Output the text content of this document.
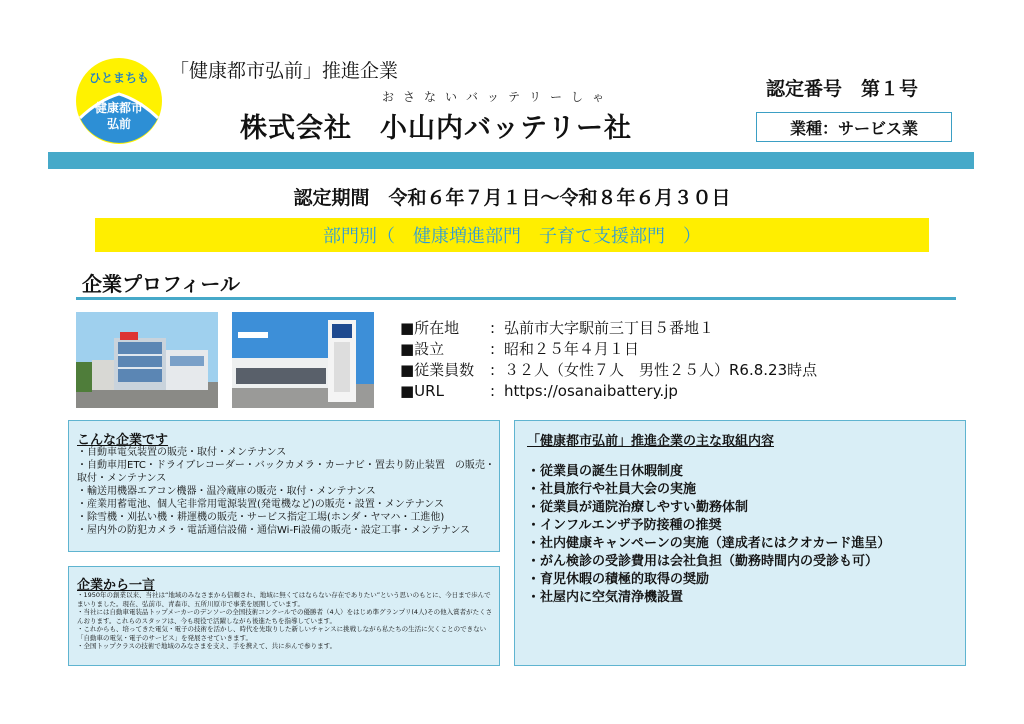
ひとまちも
健康都市
弘前
「健康都市弘前」推進企業
おさないバッテリーしゃ
株式会社　小山内バッテリー社
認定番号　第１号
業種：サービス業
認定期間　令和６年７月１日～令和８年６月３０日
部門別（　健康増進部門　子育て支援部門　）
企業プロフィール
■所在地	: 弘前市大字駅前三丁目５番地１
■設立	: 昭和２５年４月１日
■従業員数	: ３２人（女性７人　男性２５人）R6.8.23時点
■URL	: https://osanaibattery.jp
こんな企業です
・自動車電気装置の販売・取付・メンテナンス
・自動車用ETC・ドライブレコーダー・バックカメラ・カーナビ・置去り防止装置　の販売・取付・メンテナンス
・輸送用機器エアコン機器・温冷蔵庫の販売・取付・メンテナンス
・産業用蓄電池、個人宅非常用電源装置(発電機など)の販売・設置・メンテナンス
・除雪機・刈払い機・耕運機の販売・サービス指定工場(ホンダ・ヤマハ・工進他)
・屋内外の防犯カメラ・電話通信設備・通信Wi-Fi設備の販売・設定工事・メンテナンス
企業から一言
・1950年の創業以来、当社は“地域のみなさまから信頼され、地域に無くてはならない存在でありたい”という思いのもとに、今日まで歩んでまいりました。現在、弘前市、青森市、五所川原市で事業を展開しています。
・当社には自動車電装品トップメーカーのデンソーの全国技術コンクールでの優勝者（4人）をはじめ準グランプリ(4人)その他入賞者がたくさんおります。これらのスタッフは、今も現役で活躍しながら後進たちを指導しています。
・これからも、培ってきた電気・電子の技術を活かし、時代を先取りした新しいチャンスに挑戦しながら私たちの生活に欠くことのできない「自動車の電気・電子のサービス」を発展させていきます。
・全国トップクラスの技術で地域のみなさまを支え、手を携えて、共に歩んで参ります。
「健康都市弘前」推進企業の主な取組内容
・従業員の誕生日休暇制度
・社員旅行や社員大会の実施
・従業員が通院治療しやすい勤務体制
・インフルエンザ予防接種の推奨
・社内健康キャンペーンの実施（達成者にはクオカード進呈）
・がん検診の受診費用は会社負担（勤務時間内の受診も可）
・育児休暇の積極的取得の奨励
・社屋内に空気清浄機設置
